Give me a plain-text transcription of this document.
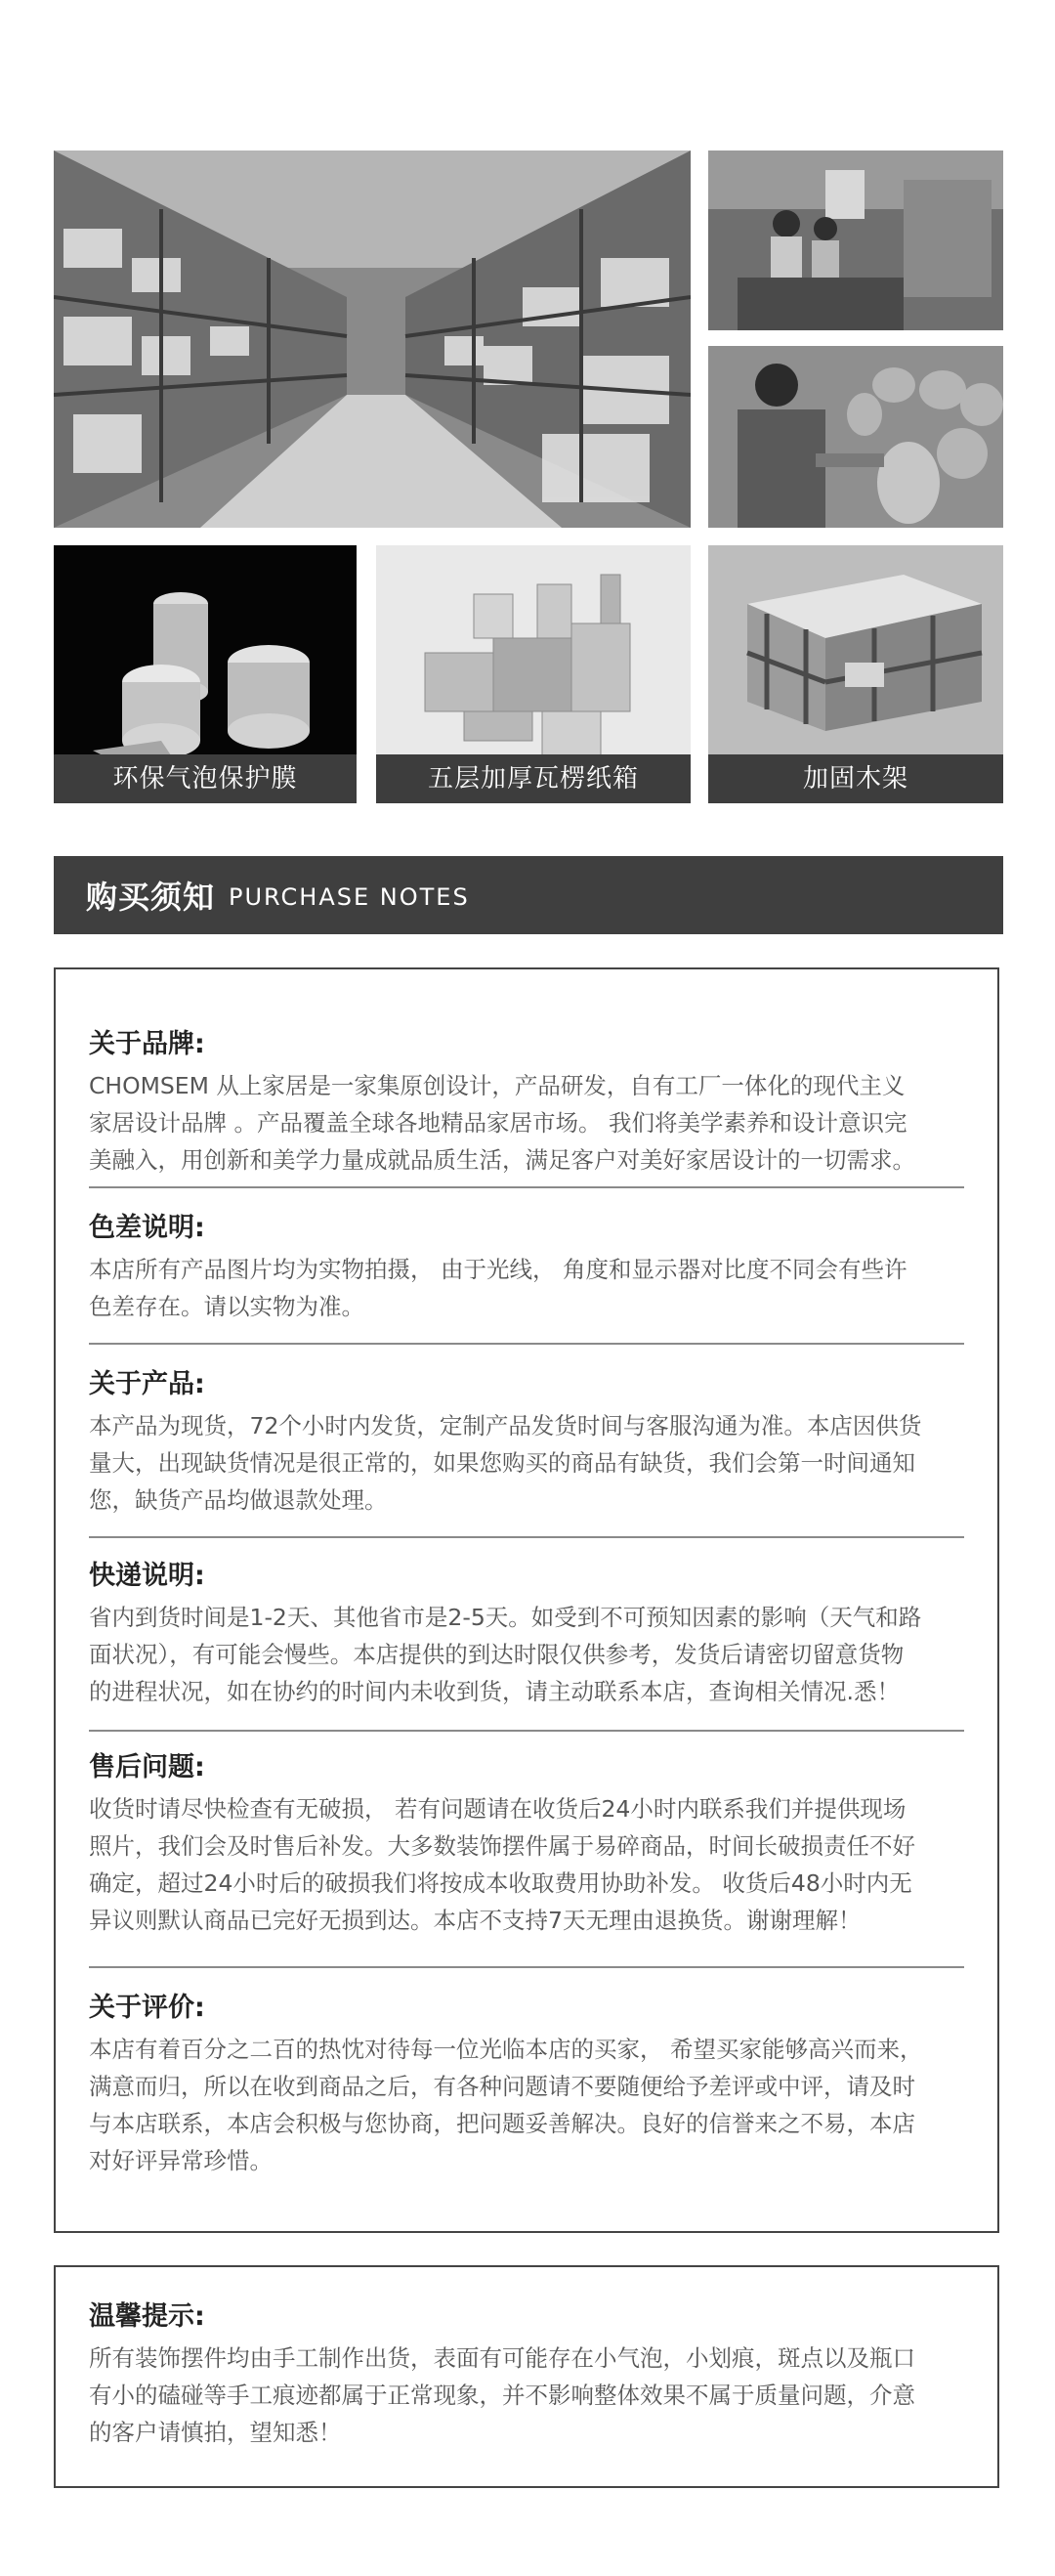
环保气泡保护膜	五层加厚瓦楞纸箱	加固木架
购买须知 PURCHASE NOTES
关于品牌:
CHOMSEM 从上家居是一家集原创设计，产品研发，自有工厂一体化的现代主义
家居设计品牌 。产品覆盖全球各地精品家居市场。 我们将美学素养和设计意识完
美融入，用创新和美学力量成就品质生活，满足客户对美好家居设计的一切需求。
色差说明:
本店所有产品图片均为实物拍摄， 由于光线， 角度和显示器对比度不同会有些许
色差存在。请以实物为准。
关于产品:
本产品为现货，72个小时内发货，定制产品发货时间与客服沟通为准。本店因供货
量大，出现缺货情况是很正常的，如果您购买的商品有缺货，我们会第一时间通知
您，缺货产品均做退款处理。
快递说明:
省内到货时间是1-2天、其他省市是2-5天。如受到不可预知因素的影响（天气和路
面状况），有可能会慢些。本店提供的到达时限仅供参考，发货后请密切留意货物
的进程状况，如在协约的时间内未收到货，请主动联系本店，查询相关情况.悉！
售后问题:
收货时请尽快检查有无破损， 若有问题请在收货后24小时内联系我们并提供现场
照片，我们会及时售后补发。大多数装饰摆件属于易碎商品，时间长破损责任不好
确定，超过24小时后的破损我们将按成本收取费用协助补发。 收货后48小时内无
异议则默认商品已完好无损到达。本店不支持7天无理由退换货。谢谢理解！
关于评价:
本店有着百分之二百的热忱对待每一位光临本店的买家， 希望买家能够高兴而来，
满意而归，所以在收到商品之后，有各种问题请不要随便给予差评或中评，请及时
与本店联系，本店会积极与您协商，把问题妥善解决。良好的信誉来之不易，本店
对好评异常珍惜。
温馨提示:
所有装饰摆件均由手工制作出货，表面有可能存在小气泡，小划痕，斑点以及瓶口
有小的磕碰等手工痕迹都属于正常现象，并不影响整体效果不属于质量问题，介意
的客户请慎拍，望知悉！
